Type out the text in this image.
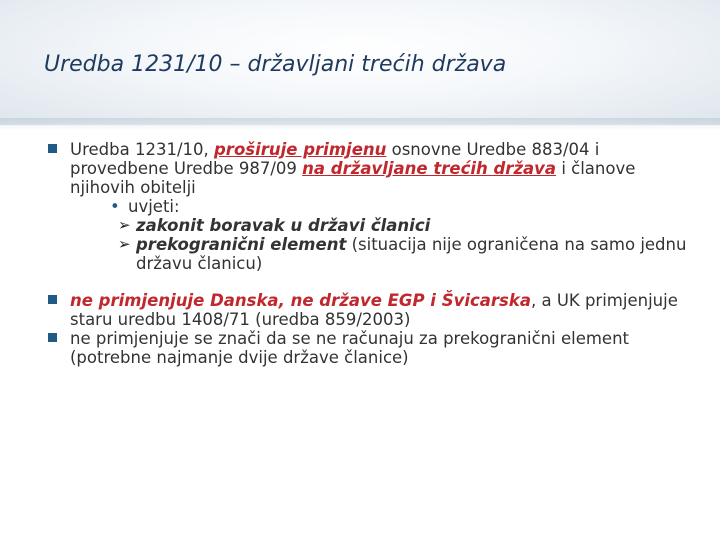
Uredba 1231/10 – državljani trećih država

Uredba 1231/10, proširuje primjenu osnovne Uredbe 883/04 i provedbene Uredbe 987/09 na državljane trećih država i članove njihovih obitelji

• uvjeti:

➢ zakonit boravak u državi članici

➢ prekogranični element (situacija nije ograničena na samo jednu državu članicu)

ne primjenjuje Danska, ne države EGP i Švicarska, a UK primjenjuje staru uredbu 1408/71 (uredba 859/2003)

ne primjenjuje se znači da se ne računaju za prekogranični element (potrebne najmanje dvije države članice)
